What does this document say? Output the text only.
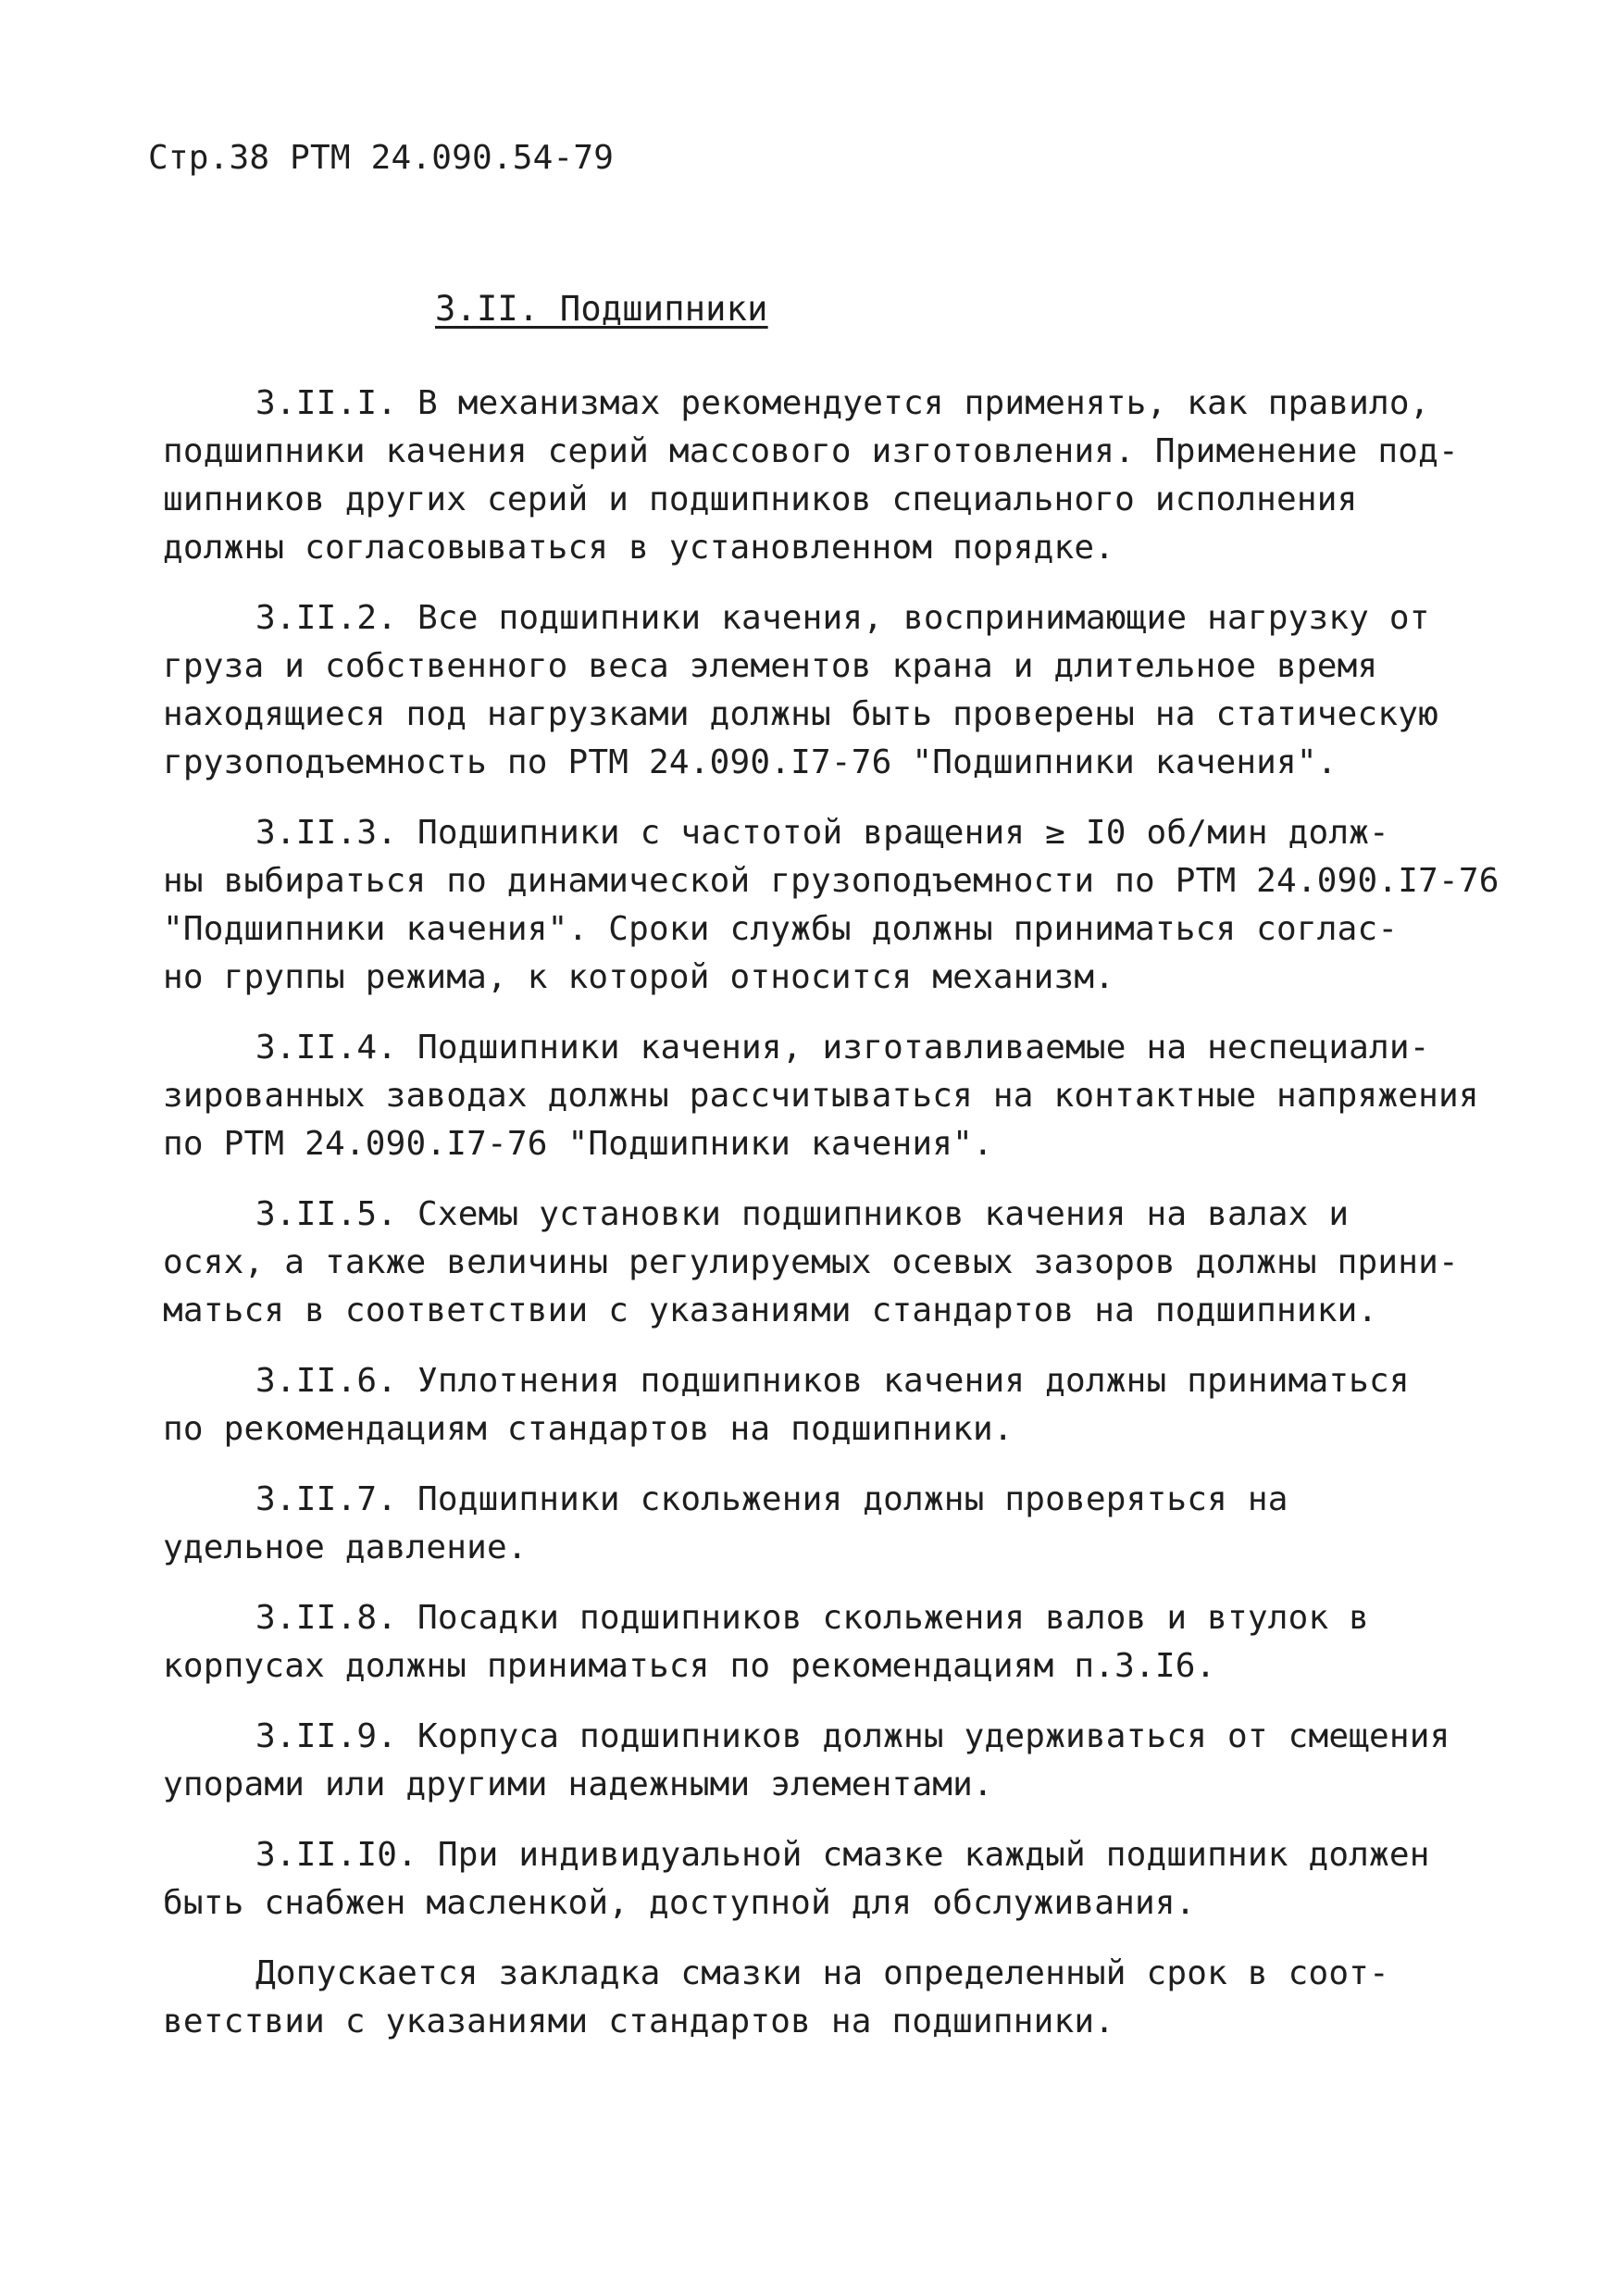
Стр.38 РТМ 24.090.54-79
3.II. Подшипники
3.II.I. В механизмах рекомендуется применять, как правило,
подшипники качения серий массового изготовления. Применение под-
шипников других серий и подшипников специального исполнения
должны согласовываться в установленном порядке.
3.II.2. Все подшипники качения, воспринимающие нагрузку от
груза и собственного веса элементов крана и длительное время
находящиеся под нагрузками должны быть проверены на статическую
грузоподъемность по РТМ 24.090.I7-76 "Подшипники качения".
3.II.3. Подшипники с частотой вращения ≥ I0 об/мин долж-
ны выбираться по динамической грузоподъемности по РТМ 24.090.I7-76
"Подшипники качения". Сроки службы должны приниматься соглас-
но группы режима, к которой относится механизм.
3.II.4. Подшипники качения, изготавливаемые на неспециали-
зированных заводах должны рассчитываться на контактные напряжения
по РТМ 24.090.I7-76 "Подшипники качения".
3.II.5. Схемы установки подшипников качения на валах и
осях, а также величины регулируемых осевых зазоров должны прини-
маться в соответствии с указаниями стандартов на подшипники.
3.II.6. Уплотнения подшипников качения должны приниматься
по рекомендациям стандартов на подшипники.
3.II.7. Подшипники скольжения должны проверяться на
удельное давление.
3.II.8. Посадки подшипников скольжения валов и втулок в
корпусах должны приниматься по рекомендациям п.3.I6.
3.II.9. Корпуса подшипников должны удерживаться от смещения
упорами или другими надежными элементами.
3.II.I0. При индивидуальной смазке каждый подшипник должен
быть снабжен масленкой, доступной для обслуживания.
Допускается закладка смазки на определенный срок в соот-
ветствии с указаниями стандартов на подшипники.
